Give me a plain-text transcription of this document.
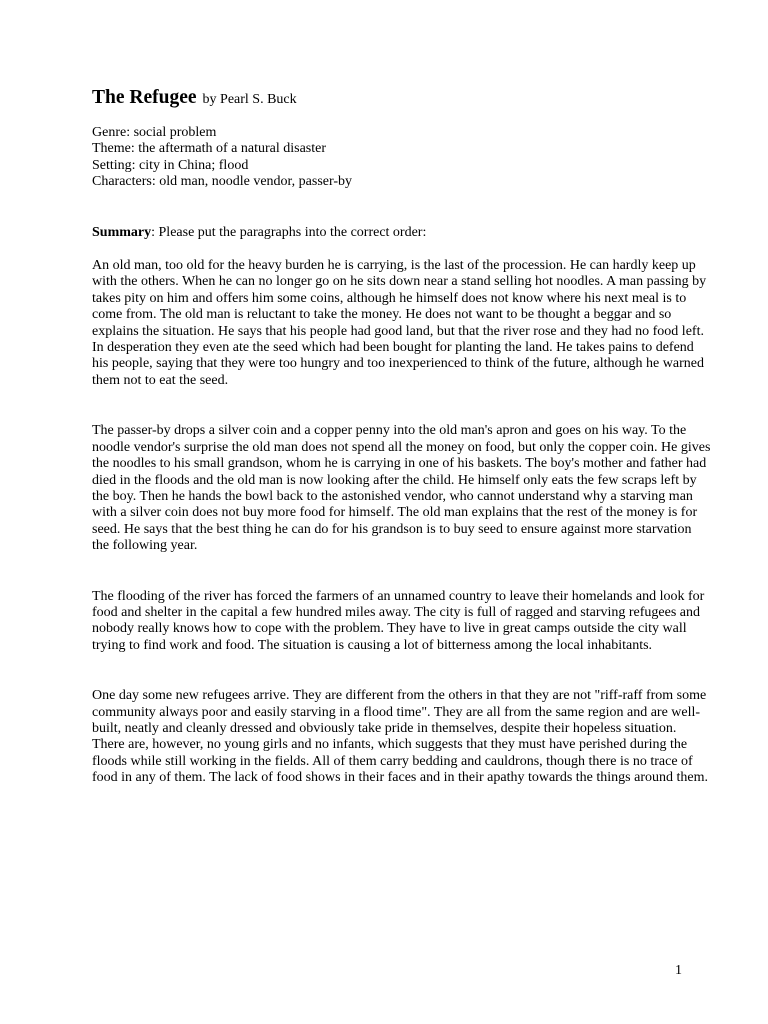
The Refugee by Pearl S. Buck

Genre: social problem
Theme: the aftermath of a natural disaster
Setting: city in China; flood
Characters: old man, noodle vendor, passer-by
Summary: Please put the paragraphs into the correct order:

An old man, too old for the heavy burden he is carrying, is the last of the procession. He can hardly keep up with the others. When he can no longer go on he sits down near a stand selling hot noodles. A man passing by takes pity on him and offers him some coins, although he himself does not know where his next meal is to come from. The old man is reluctant to take the money. He does not want to be thought a beggar and so explains the situation. He says that his people had good land, but that the river rose and they had no food left. In desperation they even ate the seed which had been bought for planting the land. He takes pains to defend his people, saying that they were too hungry and too inexperienced to think of the future, although he warned them not to eat the seed.

The passer-by drops a silver coin and a copper penny into the old man's apron and goes on his way. To the noodle vendor's surprise the old man does not spend all the money on food, but only the copper coin. He gives the noodles to his small grandson, whom he is carrying in one of his baskets. The boy's mother and father had died in the floods and the old man is now looking after the child. He himself only eats the few scraps left by the boy. Then he hands the bowl back to the astonished vendor, who cannot understand why a starving man with a silver coin does not buy more food for himself. The old man explains that the rest of the money is for seed. He says that the best thing he can do for his grandson is to buy seed to ensure against more starvation the following year.

The flooding of the river has forced the farmers of an unnamed country to leave their homelands and look for food and shelter in the capital a few hundred miles away. The city is full of ragged and starving refugees and nobody really knows how to cope with the problem. They have to live in great camps outside the city wall trying to find work and food. The situation is causing a lot of bitterness among the local inhabitants.

One day some new refugees arrive. They are different from the others in that they are not "riff-raff from some community always poor and easily starving in a flood time". They are all from the same region and are well-built, neatly and cleanly dressed and obviously take pride in themselves, despite their hopeless situation. There are, however, no young girls and no infants, which suggests that they must have perished during the floods while still working in the fields. All of them carry bedding and cauldrons, though there is no trace of food in any of them. The lack of food shows in their faces and in their apathy towards the things around them.

1
